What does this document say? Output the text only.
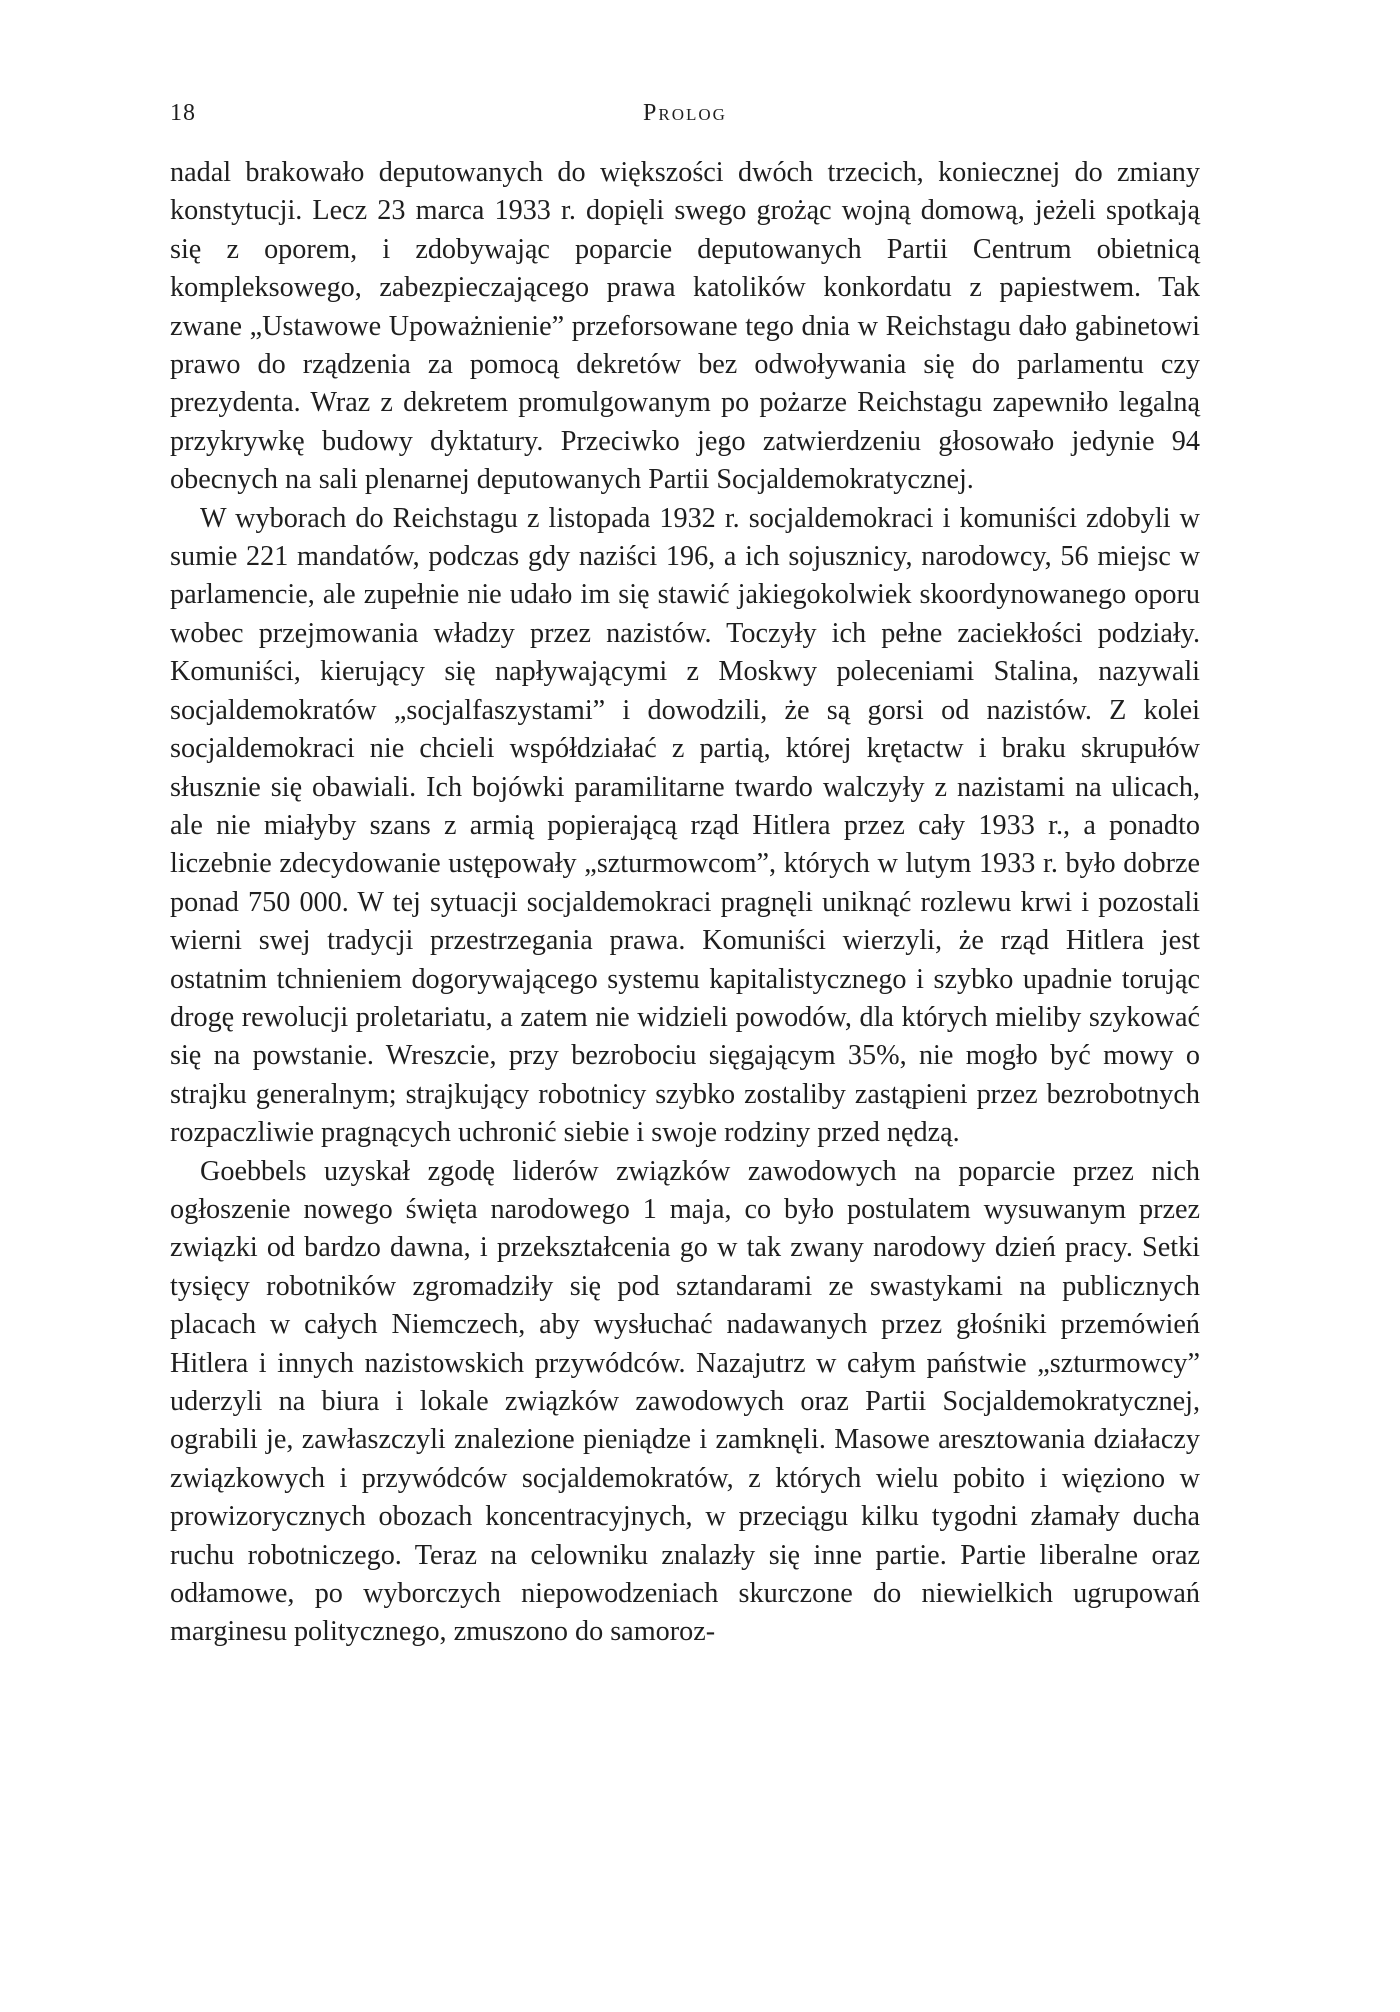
18	Prolog

nadal brakowało deputowanych do większości dwóch trzecich, koniecznej do zmiany konstytucji. Lecz 23 marca 1933 r. dopięli swego grożąc wojną domową, jeżeli spotkają się z oporem, i zdobywając poparcie deputowanych Partii Centrum obietnicą kompleksowego, zabezpieczającego prawa katolików konkordatu z papiestwem. Tak zwane „Ustawowe Upoważnienie” przeforsowane tego dnia w Reichstagu dało gabinetowi prawo do rządzenia za pomocą dekretów bez odwoływania się do parlamentu czy prezydenta. Wraz z dekretem promulgowanym po pożarze Reichstagu zapewniło legalną przykrywkę budowy dyktatury. Przeciwko jego zatwierdzeniu głosowało jedynie 94 obecnych na sali plenarnej deputowanych Partii Socjaldemokratycznej.

W wyborach do Reichstagu z listopada 1932 r. socjaldemokraci i komuniści zdobyli w sumie 221 mandatów, podczas gdy naziści 196, a ich sojusznicy, narodowcy, 56 miejsc w parlamencie, ale zupełnie nie udało im się stawić jakiegokolwiek skoordynowanego oporu wobec przejmowania władzy przez nazistów. Toczyły ich pełne zaciekłości podziały. Komuniści, kierujący się napływającymi z Moskwy poleceniami Stalina, nazywali socjaldemokratów „socjalfaszystami” i dowodzili, że są gorsi od nazistów. Z kolei socjaldemokraci nie chcieli współdziałać z partią, której krętactw i braku skrupułów słusznie się obawiali. Ich bojówki paramilitarne twardo walczyły z nazistami na ulicach, ale nie miałyby szans z armią popierającą rząd Hitlera przez cały 1933 r., a ponadto liczebnie zdecydowanie ustępowały „szturmowcom”, których w lutym 1933 r. było dobrze ponad 750 000. W tej sytuacji socjaldemokraci pragnęli uniknąć rozlewu krwi i pozostali wierni swej tradycji przestrzegania prawa. Komuniści wierzyli, że rząd Hitlera jest ostatnim tchnieniem dogorywającego systemu kapitalistycznego i szybko upadnie torując drogę rewolucji proletariatu, a zatem nie widzieli powodów, dla których mieliby szykować się na powstanie. Wreszcie, przy bezrobociu sięgającym 35%, nie mogło być mowy o strajku generalnym; strajkujący robotnicy szybko zostaliby zastąpieni przez bezrobotnych rozpaczliwie pragnących uchronić siebie i swoje rodziny przed nędzą.

Goebbels uzyskał zgodę liderów związków zawodowych na poparcie przez nich ogłoszenie nowego święta narodowego 1 maja, co było postulatem wysuwanym przez związki od bardzo dawna, i przekształcenia go w tak zwany narodowy dzień pracy. Setki tysięcy robotników zgromadziły się pod sztandarami ze swastykami na publicznych placach w całych Niemczech, aby wysłuchać nadawanych przez głośniki przemówień Hitlera i innych nazistowskich przywódców. Nazajutrz w całym państwie „szturmowcy” uderzyli na biura i lokale związków zawodowych oraz Partii Socjaldemokratycznej, ograbili je, zawłaszczyli znalezione pieniądze i zamknęli. Masowe aresztowania działaczy związkowych i przywódców socjaldemokratów, z których wielu pobito i więziono w prowizorycznych obozach koncentracyjnych, w przeciągu kilku tygodni złamały ducha ruchu robotniczego. Teraz na celowniku znalazły się inne partie. Partie liberalne oraz odłamowe, po wyborczych niepowodzeniach skurczone do niewielkich ugrupowań marginesu politycznego, zmuszono do samoroz-
